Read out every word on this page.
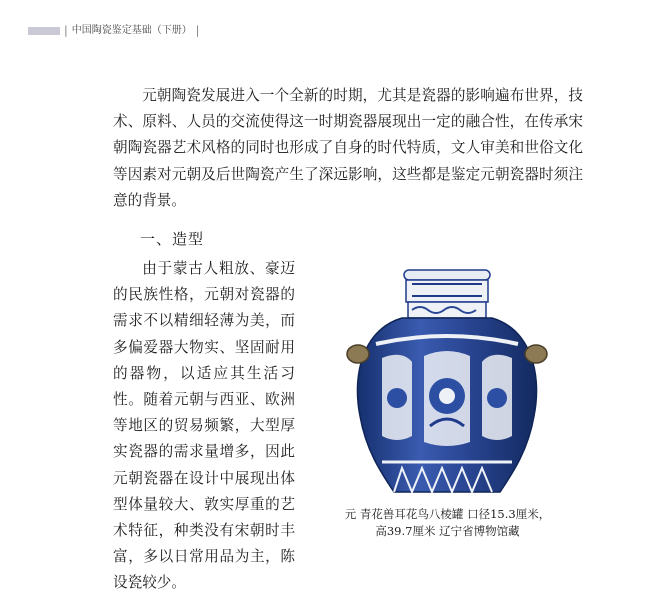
| 中国陶瓷鉴定基础（下册） |

元朝陶瓷发展进入一个全新的时期，尤其是瓷器的影响遍布世界，技术、原料、人员的交流使得这一时期瓷器展现出一定的融合性，在传承宋朝陶瓷器艺术风格的同时也形成了自身的时代特质，文人审美和世俗文化等因素对元朝及后世陶瓷产生了深远影响，这些都是鉴定元朝瓷器时须注意的背景。

一、造型

由于蒙古人粗放、豪迈的民族性格，元朝对瓷器的需求不以精细轻薄为美，而多偏爱器大物实、坚固耐用的器物，以适应其生活习性。随着元朝与西亚、欧洲等地区的贸易频繁，大型厚实瓷器的需求量增多，因此元朝瓷器在设计中展现出体型体量较大、敦实厚重的艺术特征，种类没有宋朝时丰富，多以日常用品为主，陈设瓷较少。

元 青花兽耳花鸟八棱罐 口径15.3厘米，
高39.7厘米 辽宁省博物馆藏
